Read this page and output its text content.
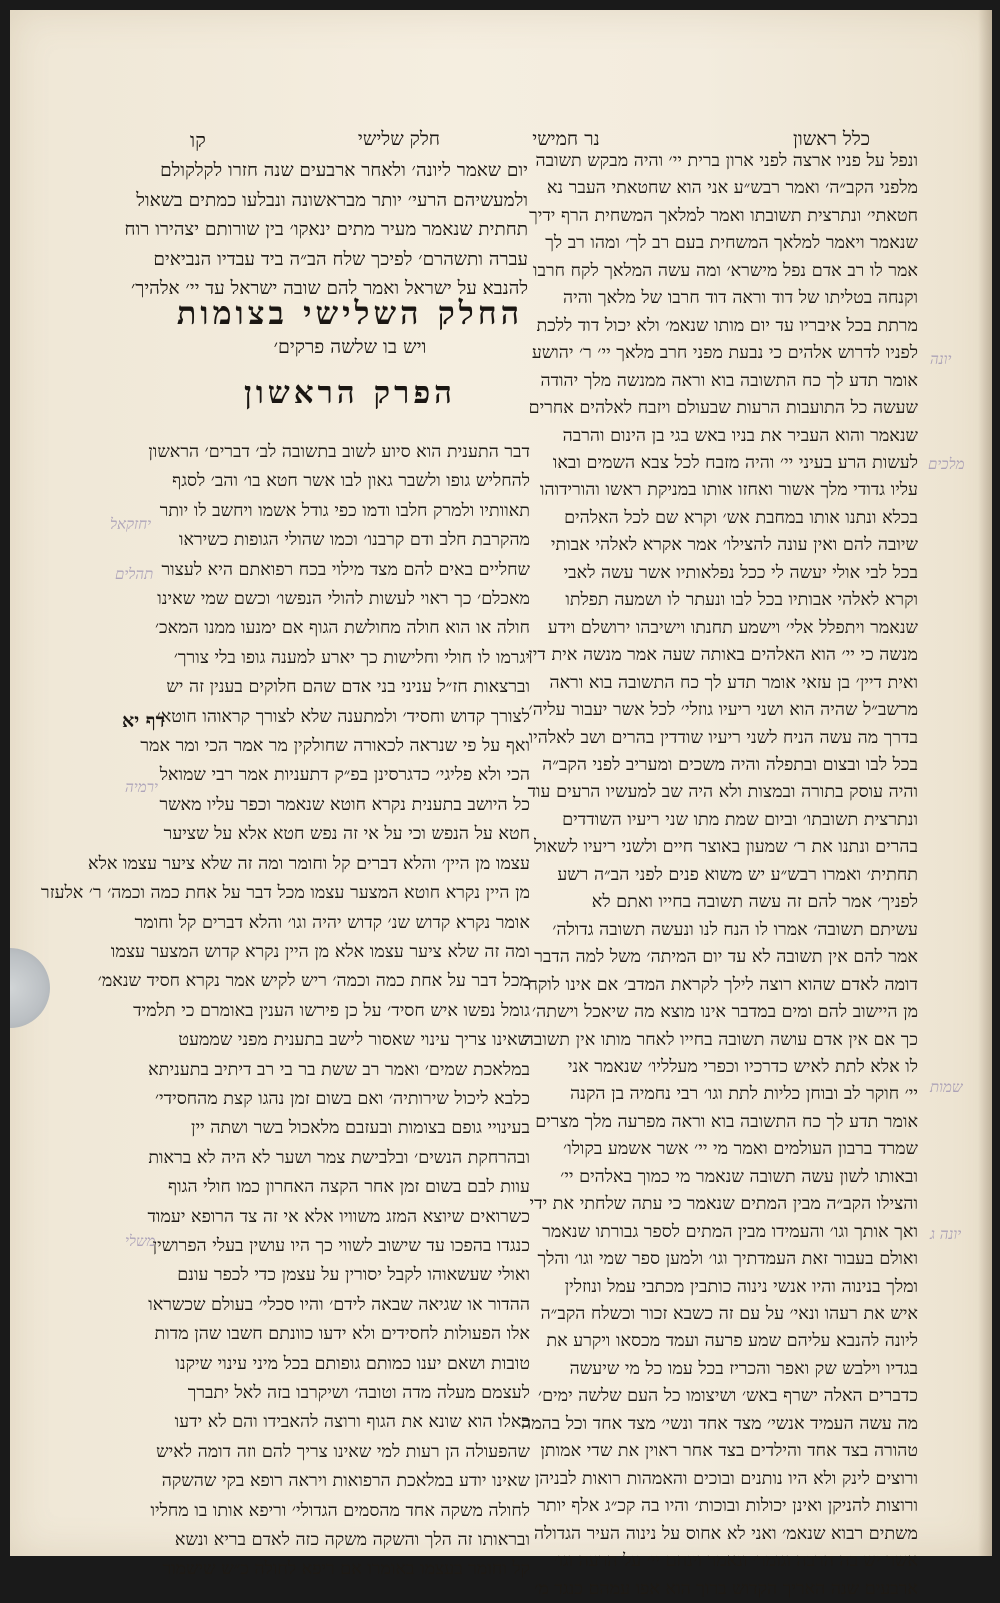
כלל ראשון
נר חמישי
חלק שלישי
קו

יום שאמר ליונה׳ ולאחר ארבעים שנה חזרו לקלקולם

ולמעשיהם הרעי׳ יותר מבראשונה ונבלעו כמתים בשאול

תחתית שנאמר מעיר מתים ינאקו׳ בין שורותם יצהירו רוח

עברה ותשהרם׳ לפיכך שלח הב״ה ביד עבדיו הנביאים

להנבא על ישראל ואמר להם שובה ישראל עד יי׳ אלהיך׳

החלק השלישי בצומות
ויש בו שלשה פרקים׳
הפרק הראשון

דבר התענית הוא סיוע לשוב בתשובה לב׳ דברים׳ הראשון

להחליש גופו ולשבר גאון לבו אשר חטא בו׳ והב׳ לסגף

תאוותיו ולמרק חלבו ודמו כפי גודל אשמו ויחשב לו יותר

מהקרבת חלב ודם קרבנו׳ וכמו שהולי הגופות כשיראו

שחליים באים להם מצד מילוי בכח רפואתם היא לעצור

מאכלם׳ כך ראוי לעשות להולי הנפשו׳ וכשם שמי שאינו

חולה או הוא חולה מחולשת הגוף אם ימנעו ממנו המאכ׳

יגרמו לו חולי וחלישות כך יארע למענה גופו בלי צורך׳

וברצאות חז״ל עניני בני אדם שהם חלוקים בענין זה יש

לצורך קדוש וחסיד׳ ולמתענה שלא לצורך קראוהו חוטא׳

ואף על פי שנראה לכאורה שחולקין מר אמר הכי ומר אמר

הכי ולא פליגי׳ כדגרסינן בפ״ק דתעניות אמר רבי שמואל

כל היושב בתענית נקרא חוטא שנאמר וכפר עליו מאשר

חטא על הנפש וכי על אי זה נפש חטא אלא על שציער

עצמו מן היין׳ והלא דברים קל וחומר ומה זה שלא ציער עצמו אלא

מן היין נקרא חוטא המצער עצמו מכל דבר על אחת כמה וכמה׳ ר׳ אלעזר

אומר נקרא קדוש שנ׳ קדוש יהיה וגו׳ והלא דברים קל וחומר

ומה זה שלא ציער עצמו אלא מן היין נקרא קדוש המצער עצמו

מכל דבר על אחת כמה וכמה׳ ריש לקיש אמר נקרא חסיד שנאמ׳

גומל נפשו איש חסיד׳ על כן פירשו הענין באומרם כי תלמיד

שאינו צריך עינוי שאסור לישב בתענית מפני שממעט

במלאכת שמים׳ ואמר רב ששת בר בי רב דיתיב בתעניתא

כלבא ליכול שירותיה׳ ואם בשום זמן נהגו קצת מהחסידי׳

בעינויי גופם בצומות ובעזבם מלאכול בשר ושתה יין

ובהרחקת הנשים׳ ובלבישת צמר ושער לא היה לא בראות

עוות לבם בשום זמן אחר הקצה האחרון כמו חולי הגוף

כשרואים שיוצא המזג משוויו אלא אי זה צד הרופא יעמוד

כנגדו בהפכו עד שישוב לשווי כך היו עושין בעלי הפרושין

ואולי שעשאוהו לקבל יסורין על עצמן כדי לכפר עונם

ההדור או שגיאה שבאה לידם׳ והיו סכלי׳ בעולם שכשראו

אלו הפעולות לחסידים ולא ידעו כוונתם חשבו שהן מדות

טובות ושאם יענו כמותם גופותם בכל מיני עינוי שיקנו

לעצמם מעלה מדה וטובה׳ ושיקרבו בזה לאל יתברך

כאלו הוא שונא את הגוף ורוצה להאבידו והם לא ידעו

שהפעולה הן רעות למי שאינו צריך להם וזה דומה לאיש

שאינו יודע במלאכת הרפואות ויראה רופא בקי שהשקה

לחולה משקה אחד מהסמים הגדולי׳ וריפא אותו בו מחליו

ובראותו זה הלך והשקה משקה כזה לאדם בריא ונשא

קל וחומר בעצמו באומרו אם ריפא לחולה כ״ש שישמור

ונפל על פניו ארצה לפני ארון ברית יי׳ והיה מבקש תשובה

מלפני הקב״ה׳ ואמר רבש״ע אני הוא שחטאתי העבר נא

חטאתי׳ ונתרצית תשובתו ואמר למלאך המשחית הרף ידיך

שנאמר ויאמר למלאך המשחית בעם רב לך׳ ומהו רב לך

אמר לו רב אדם נפל מישרא׳ ומה עשה המלאך לקח חרבו

וקנחה בטליתו של דוד וראה דוד חרבו של מלאך והיה

מרתת בכל איבריו עד יום מותו שנאמ׳ ולא יכול דוד ללכת

לפניו לדרוש אלהים כי נבעת מפני חרב מלאך יי׳ ר׳ יהושע

אומר תדע לך כח התשובה בוא וראה ממנשה מלך יהודה

שעשה כל התועבות הרעות שבעולם ויזבח לאלהים אחרים

שנאמר והוא העביר את בניו באש בגי בן הינום והרבה

לעשות הרע בעיני יי׳ והיה מזבח לכל צבא השמים ובאו

עליו גדודי מלך אשור ואחזו אותו במניקת ראשו והורידוהו

בכלא ונתנו אותו במחבת אש׳ וקרא שם לכל האלהים

שיובה להם ואין עונה להצילו׳ אמר אקרא לאלהי אבותי

בכל לבי אולי יעשה לי ככל נפלאותיו אשר עשה לאבי

וקרא לאלהי אבותיו בכל לבו ונעתר לו ושמעה תפלתו

שנאמר ויתפלל אלי׳ וישמע תחנתו וישיבהו ירושלם וידע

מנשה כי יי׳ הוא האלהים באותה שעה אמר מנשה אית דין

ואית דיין׳ בן עזאי אומר תדע לך כח התשובה בוא וראה

מרשב״ל שהיה הוא ושני ריעיו גוזלי׳ לכל אשר יעבור עליה׳

בדרך מה עשה הניח לשני ריעיו שודדין בהרים ושב לאלהיו

בכל לבו ובצום ובתפלה והיה משכים ומעריב לפני הקב״ה

והיה עוסק בתורה ובמצות ולא היה שב למעשיו הרעים עוד

ונתרצית תשובתו׳ וביום שמת מתו שני ריעיו השודדים

בהרים ונתנו את ר׳ שמעון באוצר חיים ולשני ריעיו לשאול

תחתית׳ ואמרו רבש״ע יש משוא פנים לפני הב״ה רשע

לפניך׳ אמר להם זה עשה תשובה בחייו ואתם לא

עשיתם תשובה׳ אמרו לו הנח לנו ונעשה תשובה גדולה׳

אמר להם אין תשובה לא עד יום המיתה׳ משל למה הדבר

דומה לאדם שהוא רוצה לילך לקראת המדב׳ אם אינו לוקח

מן היישוב להם ומים במדבר אינו מוצא מה שיאכל וישתה׳

כך אם אין אדם עושה תשובה בחייו לאחר מותו אין תשובה

לו אלא לתת לאיש כדרכיו וכפרי מעלליו׳ שנאמר אני

יי׳ חוקר לב ובוחן כליות לתת וגו׳ רבי נחמיה בן הקנה

אומר תדע לך כח התשובה בוא וראה מפרעה מלך מצרים

שמרד ברבון העולמים ואמר מי יי׳ אשר אשמע בקולו׳

ובאותו לשון עשה תשובה שנאמר מי כמוך באלהים יי׳

והצילו הקב״ה מבין המתים שנאמר כי עתה שלחתי את ידי

ואך אותך וגו׳ והעמידו מבין המתים לספר גבורתו שנאמר

ואולם בעבור זאת העמדתיך וגו׳ ולמען ספר שמי וגו׳ והלך

ומלך בנינוה והיו אנשי נינוה כותבין מכתבי עמל ונוזלין

איש את רעהו ונאי׳ על עם זה כשבא זכור וכשלח הקב״ה

ליונה להנבא עליהם שמע פרעה ועמד מכסאו ויקרע את

בגדיו וילבש שק ואפר והכריז בכל עמו כל מי שיעשה

כדברים האלה ישרף באש׳ ושיצומו כל העם שלשה ימים׳

מה עשה העמיד אנשי׳ מצד אחד ונשי׳ מצד אחד וכל בהמה

טהורה בצד אחד והילדים בצד אחר ראוין את שדי אמותן

ורוצים לינק ולא היו נותנים ובוכים והאמהות רואות לבניהן

ורוצות להניקן ואינן יכולות ובוכות׳ והיו בה קכ״ג אלף יותר

משתים רבוא שנאמ׳ ואני לא אחוס על נינוה העיר הגדולה

אשר יש בה הרבה וגומר׳ ונאמר וינחם יי׳ על הרעה וגו׳

ארבעים שנה האריך הקדוש ברוך הוא אפו עמהם כנגד מ׳

דף יא
יונה
יחזקאל
מלכים
תהלים
ירמיה
שמות
משלי	יונה ג
